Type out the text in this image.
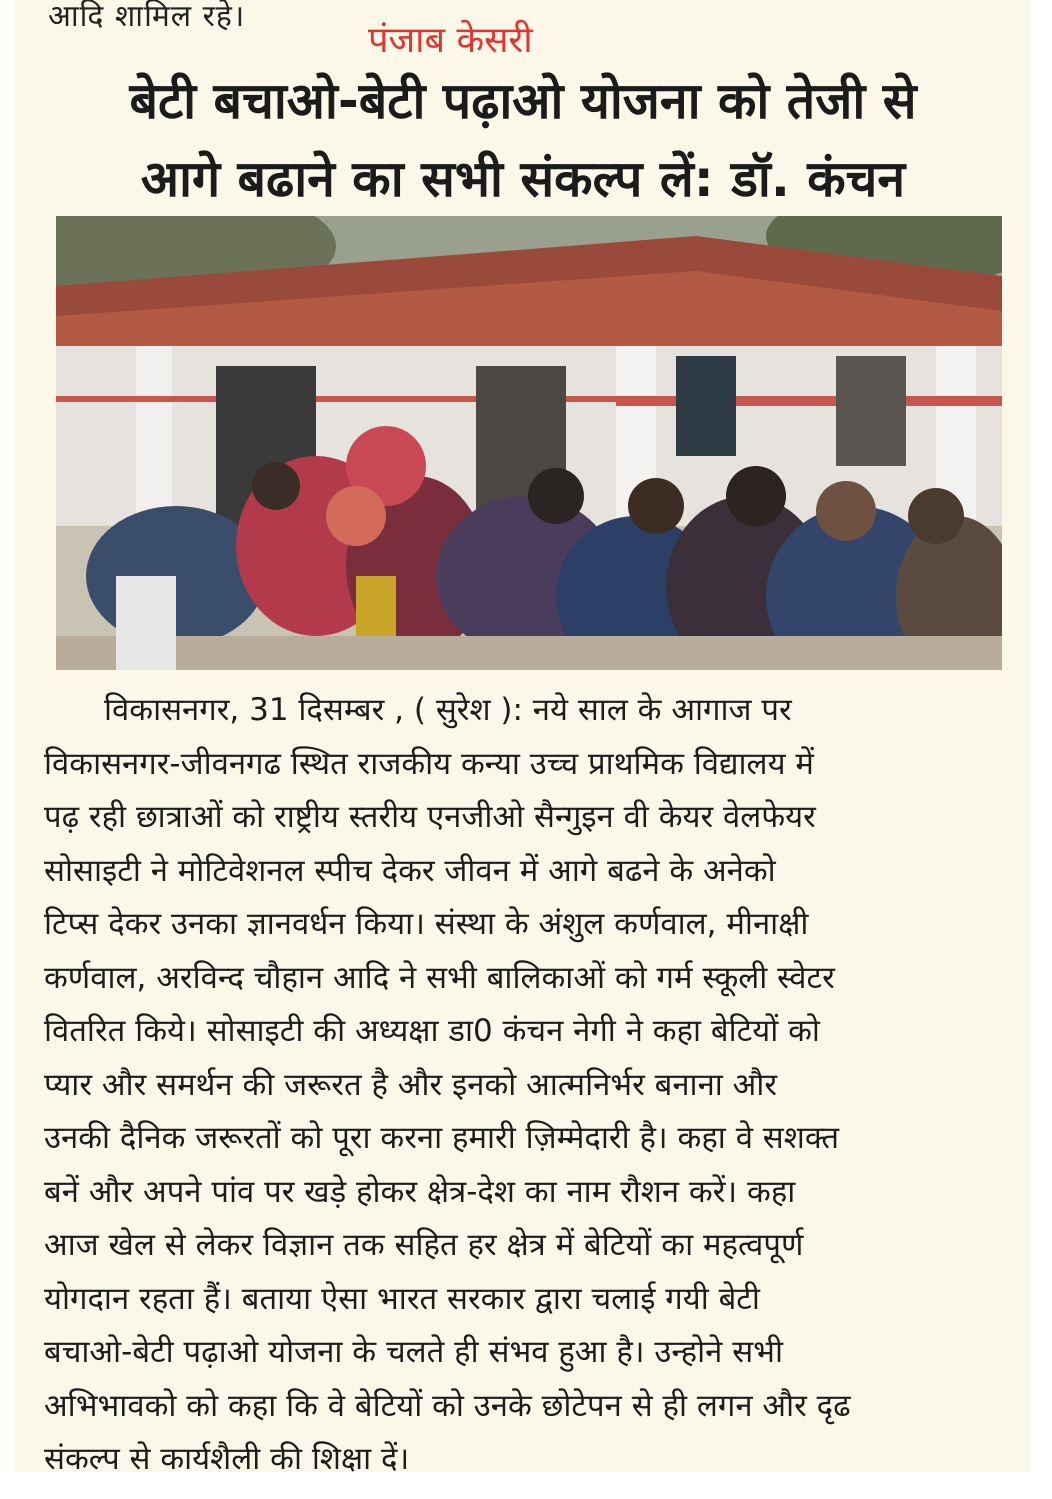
आदि शामिल रहे।
पंजाब केसरी
बेटी बचाओ-बेटी पढ़ाओ योजना को तेजी से
आगे बढाने का सभी संकल्प लें: डॉ. कंचन
विकासनगर, 31 दिसम्बर , ( सुरेश ): नये साल के आगाज पर
विकासनगर-जीवनगढ स्थित राजकीय कन्या उच्च प्राथमिक विद्यालय में
पढ़ रही छात्राओं को राष्ट्रीय स्तरीय एनजीओ सैन्गुइन वी केयर वेलफेयर
सोसाइटी ने मोटिवेशनल स्पीच देकर जीवन में आगे बढने के अनेको
टिप्स देकर उनका ज्ञानवर्धन किया। संस्था के अंशुल कर्णवाल, मीनाक्षी
कर्णवाल, अरविन्द चौहान आदि ने सभी बालिकाओं को गर्म स्कूली स्वेटर
वितरित किये। सोसाइटी की अध्यक्षा डा0 कंचन नेगी ने कहा बेटियों को
प्यार और समर्थन की जरूरत है और इनको आत्मनिर्भर बनाना और
उनकी दैनिक जरूरतों को पूरा करना हमारी ज़िम्मेदारी है। कहा वे सशक्त
बनें और अपने पांव पर खड़े होकर क्षेत्र-देश का नाम रौशन करें। कहा
आज खेल से लेकर विज्ञान तक सहित हर क्षेत्र में बेटियों का महत्वपूर्ण
योगदान रहता हैं। बताया ऐसा भारत सरकार द्वारा चलाई गयी बेटी
बचाओ-बेटी पढ़ाओ योजना के चलते ही संभव हुआ है। उन्होने सभी
अभिभावको को कहा कि वे बेटियों को उनके छोटेपन से ही लगन और दृढ
संकल्प से कार्यशैली की शिक्षा दें।
